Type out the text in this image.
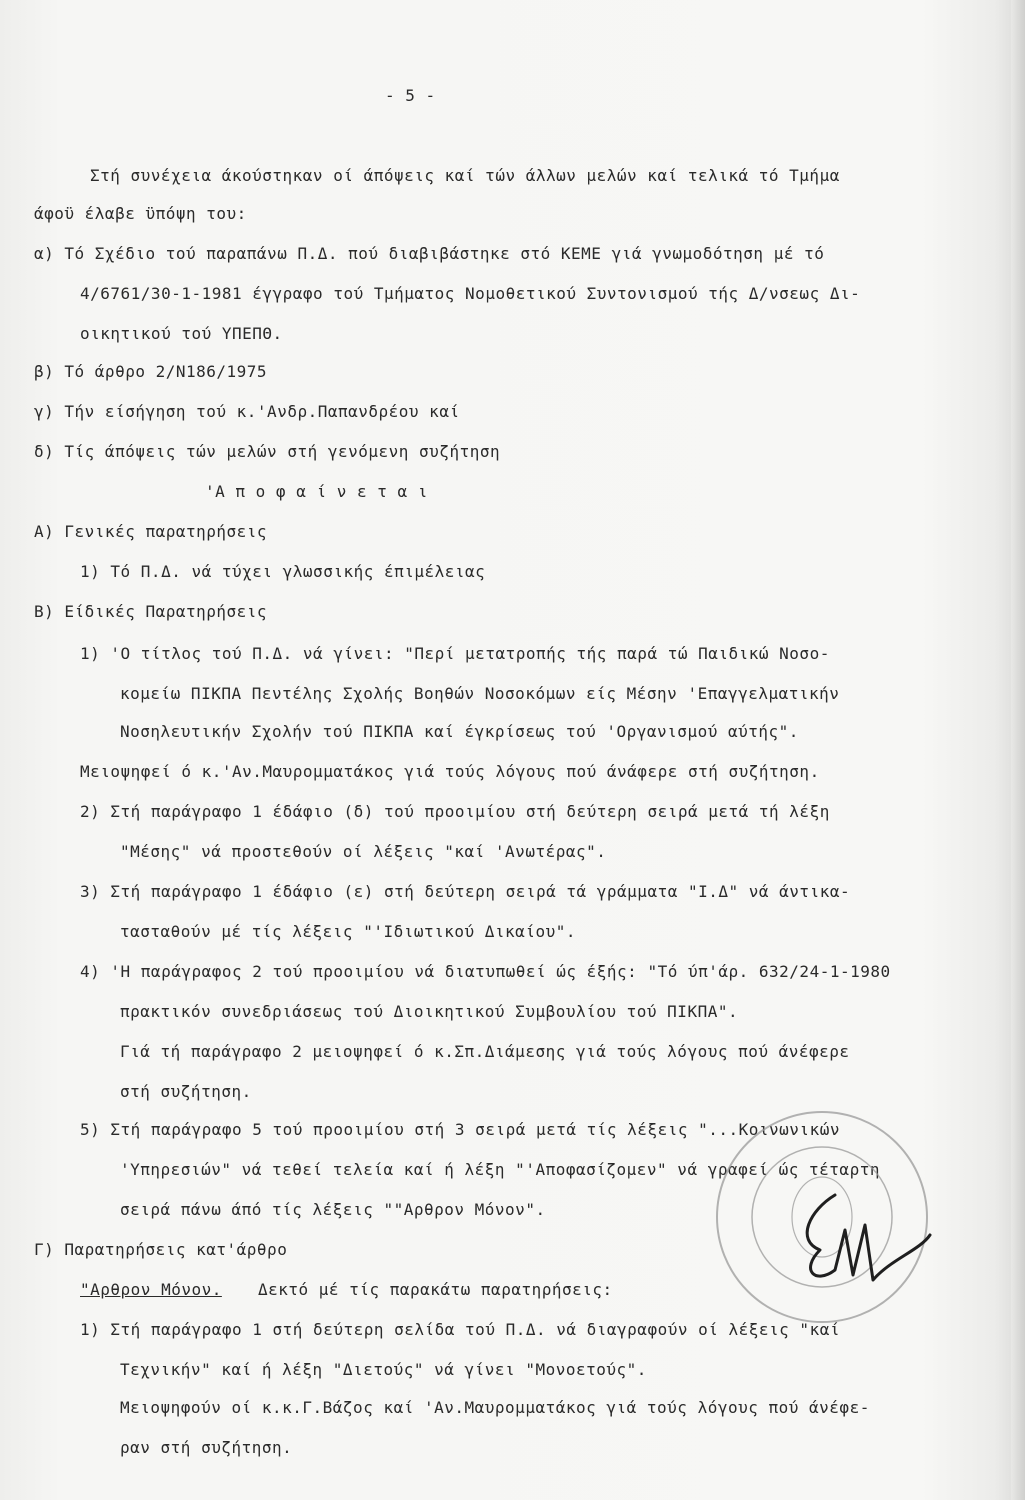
- 5 -
Στή συνέχεια άκούστηκαν οί άπόψεις καί τών άλλων μελών καί τελικά τό Τμήμα
άφοϋ έλαβε ϋπόψη του:
α) Τό Σχέδιο τού παραπάνω Π.Δ. πού διαβιβάστηκε στό ΚΕΜΕ γιά γνωμοδότηση μέ τό
4/6761/30-1-1981 έγγραφο τού Τμήματος Νομοθετικού Συντονισμού τής Δ/νσεως Δι-
οικητικού τού ΥΠΕΠΘ.
β) Τό άρθρο 2/Ν186/1975
γ) Τήν είσήγηση τού κ.'Ανδρ.Παπανδρέου καί
δ) Τίς άπόψεις τών μελών στή γενόμενη συζήτηση
'Α π ο φ α ί ν ε τ α ι
Α) Γενικές παρατηρήσεις
1) Τό Π.Δ. νά τύχει γλωσσικής έπιμέλειας
Β) Είδικές Παρατηρήσεις
1) 'Ο τίτλος τού Π.Δ. νά γίνει: "Περί μετατροπής τής παρά τώ Παιδικώ Νοσο-
κομείω ΠΙΚΠΑ Πεντέλης Σχολής Βοηθών Νοσοκόμων είς Μέσην 'Επαγγελματικήν
Νοσηλευτικήν Σχολήν τού ΠΙΚΠΑ καί έγκρίσεως τού 'Οργανισμού αύτής".
Μειοψηφεί ό κ.'Αν.Μαυρομματάκος γιά τούς λόγους πού άνάφερε στή συζήτηση.
2) Στή παράγραφο 1 έδάφιο (δ) τού προοιμίου στή δεύτερη σειρά μετά τή λέξη
"Μέσης" νά προστεθούν οί λέξεις "καί 'Ανωτέρας".
3) Στή παράγραφο 1 έδάφιο (ε) στή δεύτερη σειρά τά γράμματα "Ι.Δ" νά άντικα-
τασταθούν μέ τίς λέξεις "'Ιδιωτικού Δικαίου".
4) 'Η παράγραφος 2 τού προοιμίου νά διατυπωθεί ώς έξής: "Τό ύπ'άρ. 632/24-1-1980
πρακτικόν συνεδριάσεως τού Διοικητικού Συμβουλίου τού ΠΙΚΠΑ".
Γιά τή παράγραφο 2 μειοψηφεί ό κ.Σπ.Διάμεσης γιά τούς λόγους πού άνέφερε
στή συζήτηση.
5) Στή παράγραφο 5 τού προοιμίου στή 3 σειρά μετά τίς λέξεις "...Κοινωνικών
'Υπηρεσιών" νά τεθεί τελεία καί ή λέξη "'Αποφασίζομεν" νά γραφεί ώς τέταρτη
σειρά πάνω άπό τίς λέξεις ""Αρθρον Μόνον".
Γ) Παρατηρήσεις κατ'άρθρο
"Αρθρον Μόνον. Δεκτό μέ τίς παρακάτω παρατηρήσεις:
1) Στή παράγραφο 1 στή δεύτερη σελίδα τού Π.Δ. νά διαγραφούν οί λέξεις "καί
Τεχνικήν" καί ή λέξη "Διετούς" νά γίνει "Μονοετούς".
Μειοψηφούν οί κ.κ.Γ.Βάζος καί 'Αν.Μαυρομματάκος γιά τούς λόγους πού άνέφε-
ραν στή συζήτηση.
